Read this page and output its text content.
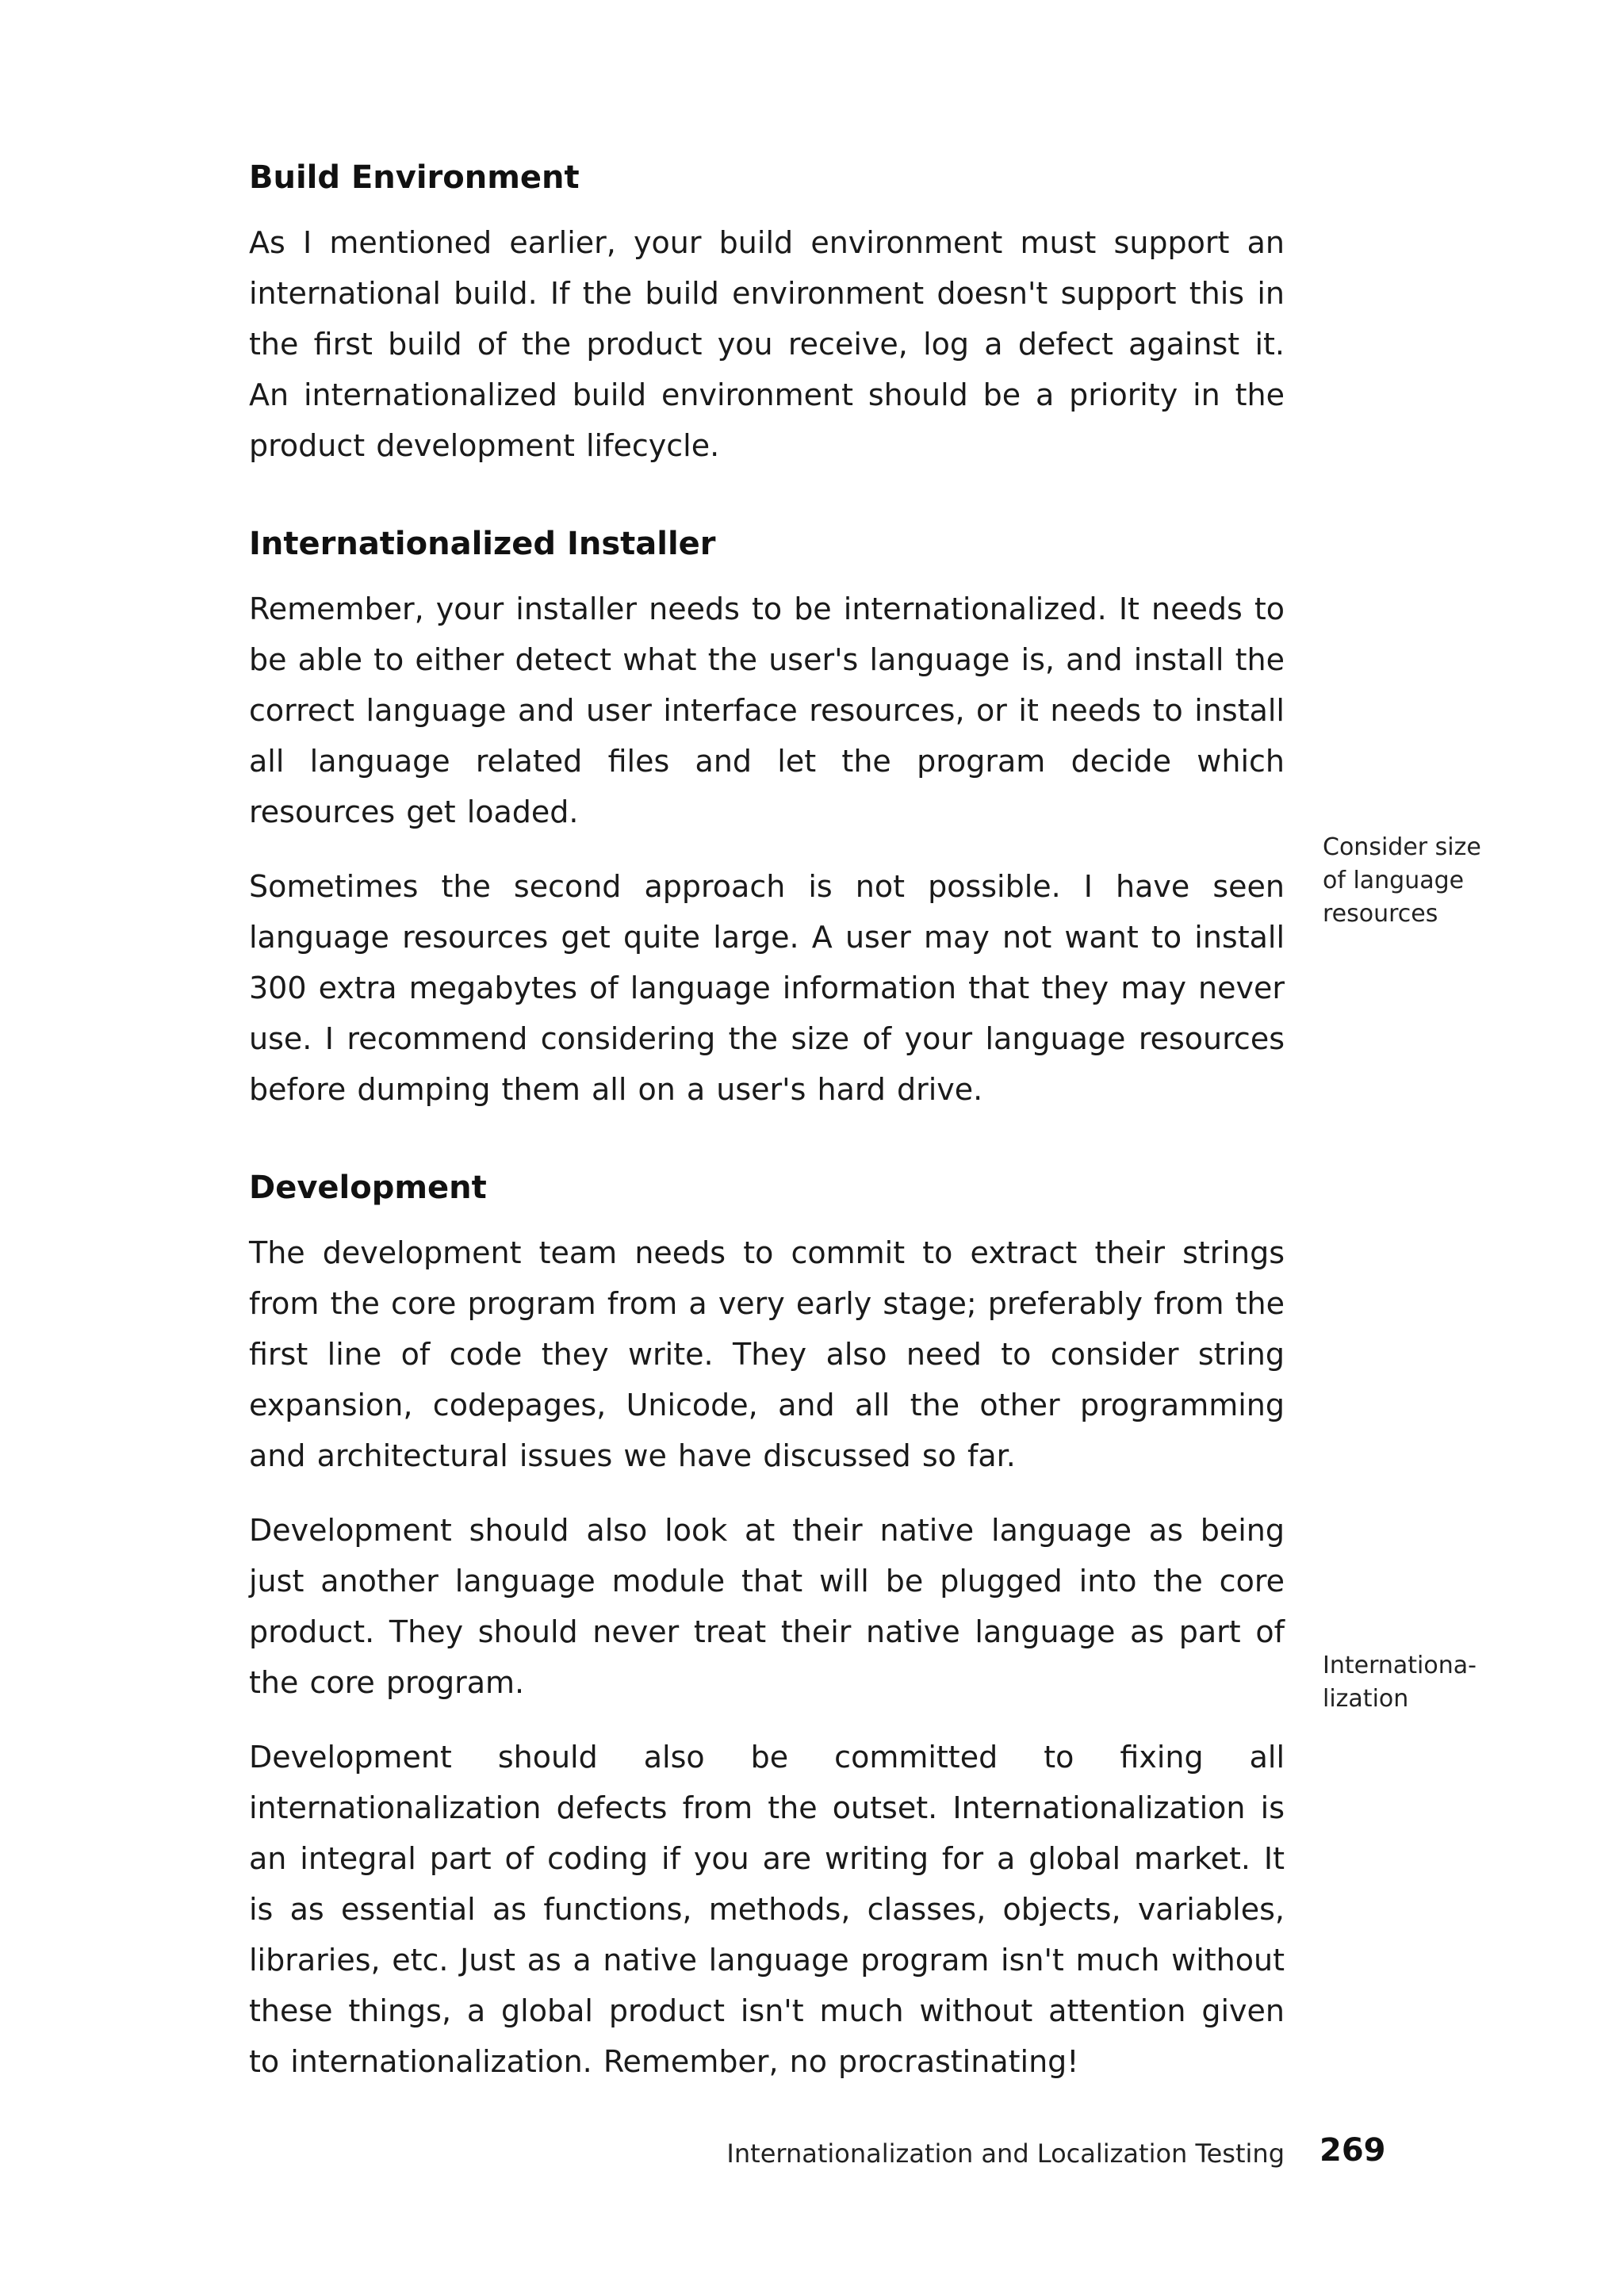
Build Environment

As I mentioned earlier, your build environment must support an international build. If the build environment doesn't support this in the first build of the product you receive, log a defect against it. An internationalized build environment should be a priority in the product development lifecycle.

Internationalized Installer

Remember, your installer needs to be internationalized. It needs to be able to either detect what the user's language is, and install the correct language and user interface resources, or it needs to install all language related files and let the program decide which resources get loaded.

Sometimes the second approach is not possible. I have seen language resources get quite large. A user may not want to install 300 extra megabytes of language information that they may never use. I recommend considering the size of your language resources before dumping them all on a user's hard drive.

Development

The development team needs to commit to extract their strings from the core program from a very early stage; preferably from the first line of code they write. They also need to consider string expansion, codepages, Unicode, and all the other programming and architectural issues we have discussed so far.

Development should also look at their native language as being just another language module that will be plugged into the core product. They should never treat their native language as part of the core program.

Development should also be committed to fixing all internationalization defects from the outset. Internationalization is an integral part of coding if you are writing for a global market. It is as essential as functions, methods, classes, objects, variables, libraries, etc. Just as a native language program isn't much without these things, a global product isn't much without attention given to internationalization. Remember, no procrastinating!

Consider size
of language
resources
Internationa-
lization
Internationalization and Localization Testing 269
